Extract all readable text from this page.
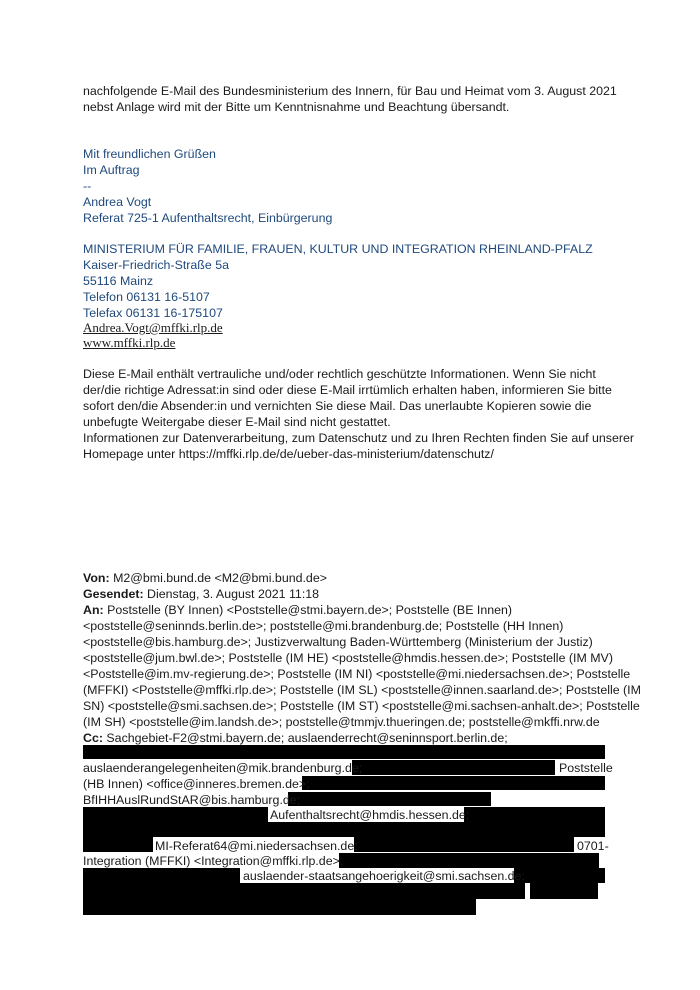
nachfolgende E-Mail des Bundesministerium des Innern, für Bau und Heimat vom 3. August 2021
nebst Anlage wird mit der Bitte um Kenntnisnahme und Beachtung übersandt.
Mit freundlichen Grüßen
Im Auftrag
--
Andrea Vogt
Referat 725-1 Aufenthaltsrecht, Einbürgerung
MINISTERIUM FÜR FAMILIE, FRAUEN, KULTUR UND INTEGRATION RHEINLAND-PFALZ
Kaiser-Friedrich-Straße 5a
55116 Mainz
Telefon 06131 16-5107
Telefax 06131 16-175107
Andrea.Vogt@mffki.rlp.de
www.mffki.rlp.de
Diese E-Mail enthält vertrauliche und/oder rechtlich geschützte Informationen. Wenn Sie nicht
der/die richtige Adressat:in sind oder diese E-Mail irrtümlich erhalten haben, informieren Sie bitte
sofort den/die Absender:in und vernichten Sie diese Mail. Das unerlaubte Kopieren sowie die
unbefugte Weitergabe dieser E-Mail sind nicht gestattet.
Informationen zur Datenverarbeitung, zum Datenschutz und zu Ihren Rechten finden Sie auf unserer
Homepage unter https://mffki.rlp.de/de/ueber-das-ministerium/datenschutz/
Von: M2@bmi.bund.de <M2@bmi.bund.de>
Gesendet: Dienstag, 3. August 2021 11:18
An: Poststelle (BY Innen) <Poststelle@stmi.bayern.de>; Poststelle (BE Innen)
<poststelle@seninnds.berlin.de>; poststelle@mi.brandenburg.de; Poststelle (HH Innen)
<poststelle@bis.hamburg.de>; Justizverwaltung Baden-Württemberg (Ministerium der Justiz)
<poststelle@jum.bwl.de>; Poststelle (IM HE) <poststelle@hmdis.hessen.de>; Poststelle (IM MV)
<Poststelle@im.mv-regierung.de>; Poststelle (IM NI) <poststelle@mi.niedersachsen.de>; Poststelle
(MFFKI) <Poststelle@mffki.rlp.de>; Poststelle (IM SL) <poststelle@innen.saarland.de>; Poststelle (IM
SN) <poststelle@smi.sachsen.de>; Poststelle (IM ST) <poststelle@mi.sachsen-anhalt.de>; Poststelle
(IM SH) <poststelle@im.landsh.de>; poststelle@tmmjv.thueringen.de; poststelle@mkffi.nrw.de
Cc: Sachgebiet-F2@stmi.bayern.de; auslaenderrecht@seninnsport.berlin.de;
auslaenderangelegenheiten@mik.brandenburg.de;	Poststelle
(HB Innen) <office@inneres.bremen.de>;
BfIHHAuslRundStAR@bis.hamburg.de;
Aufenthaltsrecht@hmdis.hessen.de;
MI-Referat64@mi.niedersachsen.de;	0701-
Integration (MFFKI) <Integration@mffki.rlp.de>;
auslaender-staatsangehoerigkeit@smi.sachsen.de;
